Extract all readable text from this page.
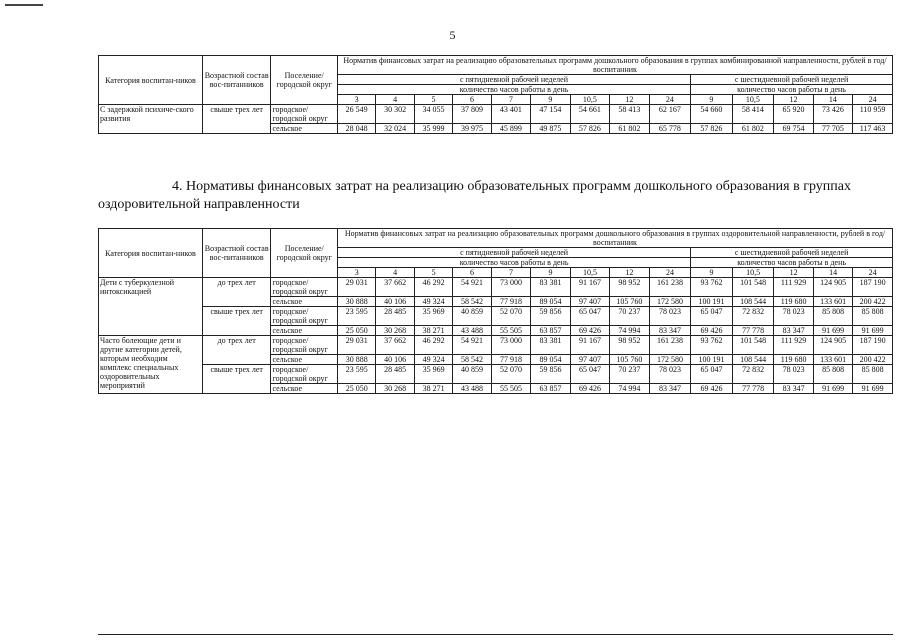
5
Категория воспитан-ников	Возрастной состав вос-питанников	Поселение/ городской округ	Норматив финансовых затрат на реализацию образовательных программ дошкольного образования в группах комбинированной направленности, рублей в год/воспитанник													
			с пятидневной рабочей неделей									с шестидневной рабочей неделей				
			количество часов работы в день									количество часов работы в день				
			3	4	5	6	7	9	10,5	12	24	9	10,5	12	14	24
С задержкой психиче-ского развития	свыше трех лет	городское/ городской округ	26 549	30 302	34 055	37 809	43 401	47 154	54 661	58 413	62 167	54 660	58 414	65 920	73 426	110 959
		сельское	28 048	32 024	35 999	39 975	45 899	49 875	57 826	61 802	65 778	57 826	61 802	69 754	77 705	117 463
4. Нормативы финансовых затрат на реализацию образовательных программ дошкольного образования в группах оздоровительной направленности
Категория воспитан-ников	Возрастной состав вос-питанников	Поселение/ городской округ	Норматив финансовых затрат на реализацию образовательных программ дошкольного образования в группах оздоровительной направленности, рублей в год/воспитанник													
			с пятидневной рабочей неделей									с шестидневной рабочей неделей				
			количество часов работы в день									количество часов работы в день				
			3	4	5	6	7	9	10,5	12	24	9	10,5	12	14	24
Дети с туберкулезной интоксикацией	до трех лет	городское/ городской округ	29 031	37 662	46 292	54 921	73 000	83 381	91 167	98 952	161 238	93 762	101 548	111 929	124 905	187 190
		сельское	30 888	40 106	49 324	58 542	77 918	89 054	97 407	105 760	172 580	100 191	108 544	119 680	133 601	200 422
	свыше трех лет	городское/ городской округ	23 595	28 485	35 969	40 859	52 070	59 856	65 047	70 237	78 023	65 047	72 832	78 023	85 808	85 808
		сельское	25 050	30 268	38 271	43 488	55 505	63 857	69 426	74 994	83 347	69 426	77 778	83 347	91 699	91 699
Часто болеющие дети и другие категории детей, которым необходим комплекс специальных оздоровительных мероприятий	до трех лет	городское/ городской округ	29 031	37 662	46 292	54 921	73 000	83 381	91 167	98 952	161 238	93 762	101 548	111 929	124 905	187 190
		сельское	30 888	40 106	49 324	58 542	77 918	89 054	97 407	105 760	172 580	100 191	108 544	119 680	133 601	200 422
	свыше трех лет	городское/ городской округ	23 595	28 485	35 969	40 859	52 070	59 856	65 047	70 237	78 023	65 047	72 832	78 023	85 808	85 808
		сельское	25 050	30 268	38 271	43 488	55 505	63 857	69 426	74 994	83 347	69 426	77 778	83 347	91 699	91 699
